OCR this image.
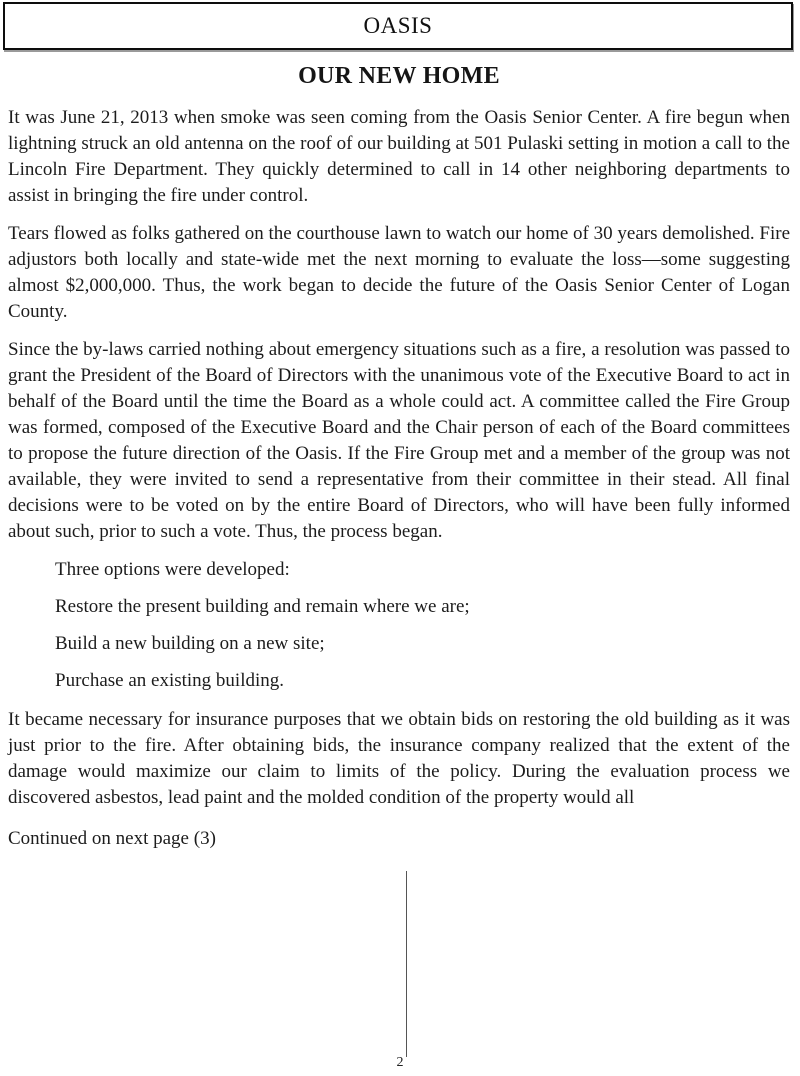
OASIS
OUR NEW HOME

It was June 21, 2013 when smoke was seen coming from the Oasis Senior Center. A fire begun when lightning struck an old antenna on the roof of our building at 501 Pulaski setting in motion a call to the Lincoln Fire Department. They quickly determined to call in 14 other neighboring departments to assist in bringing the fire under control.

Tears flowed as folks gathered on the courthouse lawn to watch our home of 30 years demolished. Fire adjustors both locally and state-wide met the next morning to evaluate the loss—some suggesting almost $2,000,000. Thus, the work began to decide the future of the Oasis Senior Center of Logan County.

Since the by-laws carried nothing about emergency situations such as a fire, a resolution was passed to grant the President of the Board of Directors with the unanimous vote of the Executive Board to act in behalf of the Board until the time the Board as a whole could act. A committee called the Fire Group was formed, composed of the Executive Board and the Chair person of each of the Board committees to propose the future direction of the Oasis. If the Fire Group met and a member of the group was not available, they were invited to send a representative from their committee in their stead. All final decisions were to be voted on by the entire Board of Directors, who will have been fully informed about such, prior to such a vote. Thus, the process began.

Three options were developed:

Restore the present building and remain where we are;

Build a new building on a new site;

Purchase an existing building.

It became necessary for insurance purposes that we obtain bids on restoring the old building as it was just prior to the fire. After obtaining bids, the insurance company realized that the extent of the damage would maximize our claim to limits of the policy. During the evaluation process we discovered asbestos, lead paint and the molded condition of the property would all

Continued on next page (3)

2
